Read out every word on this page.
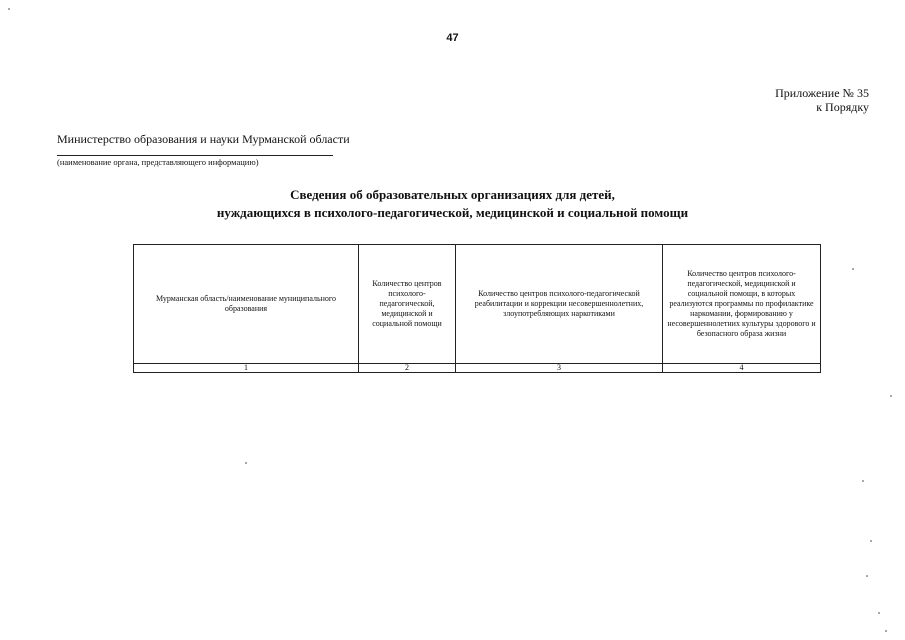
47
Приложение № 35
к Порядку
Министерство образования и науки Мурманской области
(наименование органа, представляющего информацию)
Сведения об образовательных организациях для детей,
нуждающихся в психолого-педагогической, медицинской и социальной помощи
Мурманская область/наименование муниципального образования	Количество центров психолого-педагогической, медицинской и социальной помощи	Количество центров психолого-педагогической реабилитации и коррекции несовершеннолетних, злоупотребляющих наркотиками	Количество центров психолого-педагогической, медицинской и социальной помощи, в которых реализуются программы по профилактике наркомании, формированию у несовершеннолетних культуры здорового и безопасного образа жизни
1	2	3	4
